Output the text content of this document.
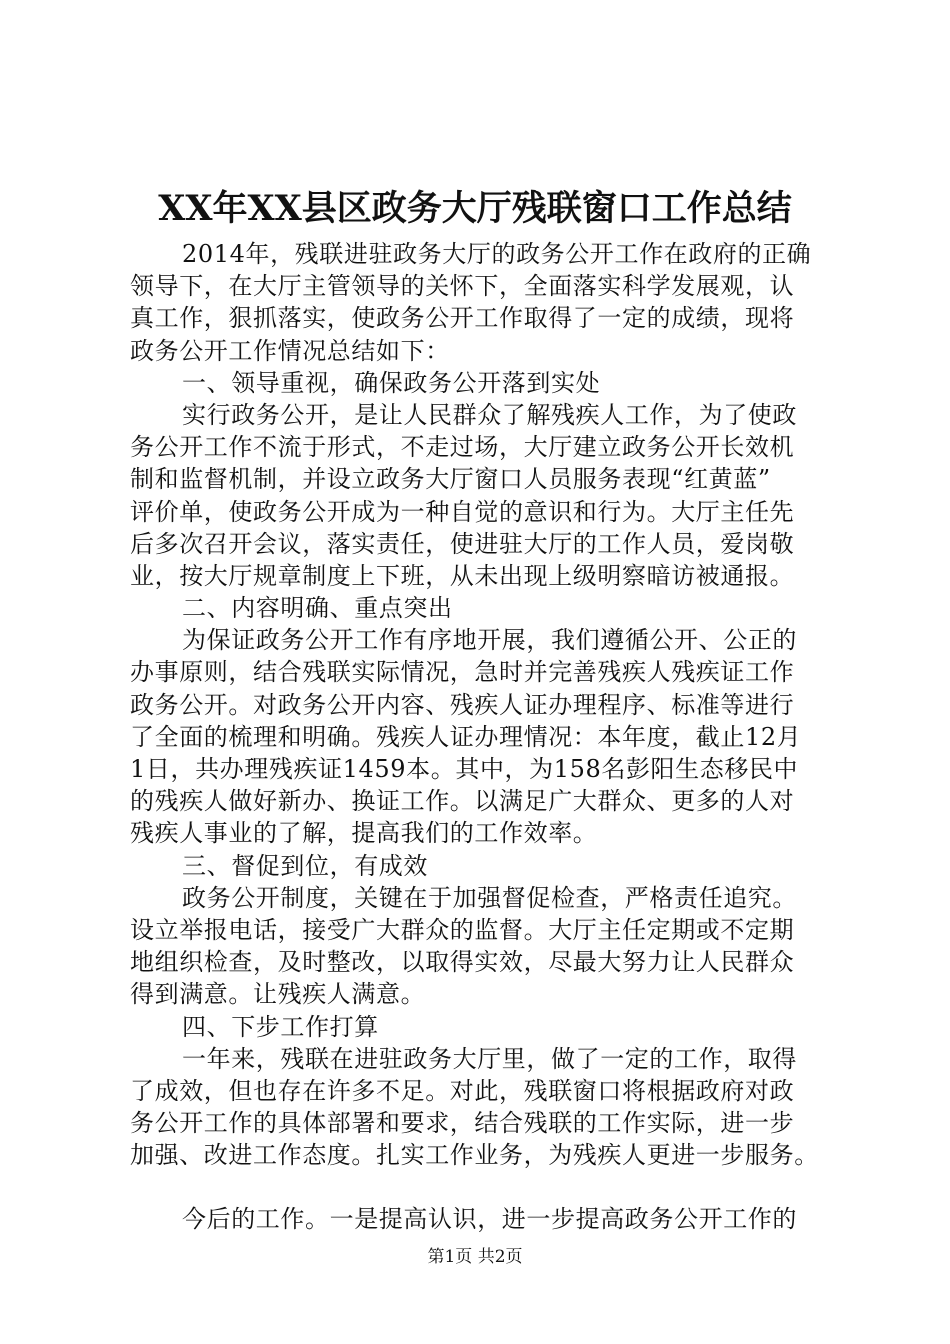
XX年XX县区政务大厅残联窗口工作总结
2014年，残联进驻政务大厅的政务公开工作在政府的正确
领导下，在大厅主管领导的关怀下，全面落实科学发展观，认
真工作，狠抓落实，使政务公开工作取得了一定的成绩，现将
政务公开工作情况总结如下：
一、领导重视，确保政务公开落到实处
实行政务公开，是让人民群众了解残疾人工作，为了使政
务公开工作不流于形式，不走过场，大厅建立政务公开长效机
制和监督机制，并设立政务大厅窗口人员服务表现“红黄蓝”
评价单，使政务公开成为一种自觉的意识和行为。大厅主任先
后多次召开会议，落实责任，使进驻大厅的工作人员，爱岗敬
业，按大厅规章制度上下班，从未出现上级明察暗访被通报。
二、内容明确、重点突出
为保证政务公开工作有序地开展，我们遵循公开、公正的
办事原则，结合残联实际情况，急时并完善残疾人残疾证工作
政务公开。对政务公开内容、残疾人证办理程序、标准等进行
了全面的梳理和明确。残疾人证办理情况：本年度，截止12月
1日，共办理残疾证1459本。其中，为158名彭阳生态移民中
的残疾人做好新办、换证工作。以满足广大群众、更多的人对
残疾人事业的了解，提高我们的工作效率。
三、督促到位，有成效
政务公开制度，关键在于加强督促检查，严格责任追究。
设立举报电话，接受广大群众的监督。大厅主任定期或不定期
地组织检查，及时整改，以取得实效，尽最大努力让人民群众
得到满意。让残疾人满意。
四、下步工作打算
一年来，残联在进驻政务大厅里，做了一定的工作，取得
了成效，但也存在许多不足。对此，残联窗口将根据政府对政
务公开工作的具体部署和要求，结合残联的工作实际，进一步
加强、改进工作态度。扎实工作业务，为残疾人更进一步服务。
今后的工作。一是提高认识，进一步提高政务公开工作的
第1页 共2页
